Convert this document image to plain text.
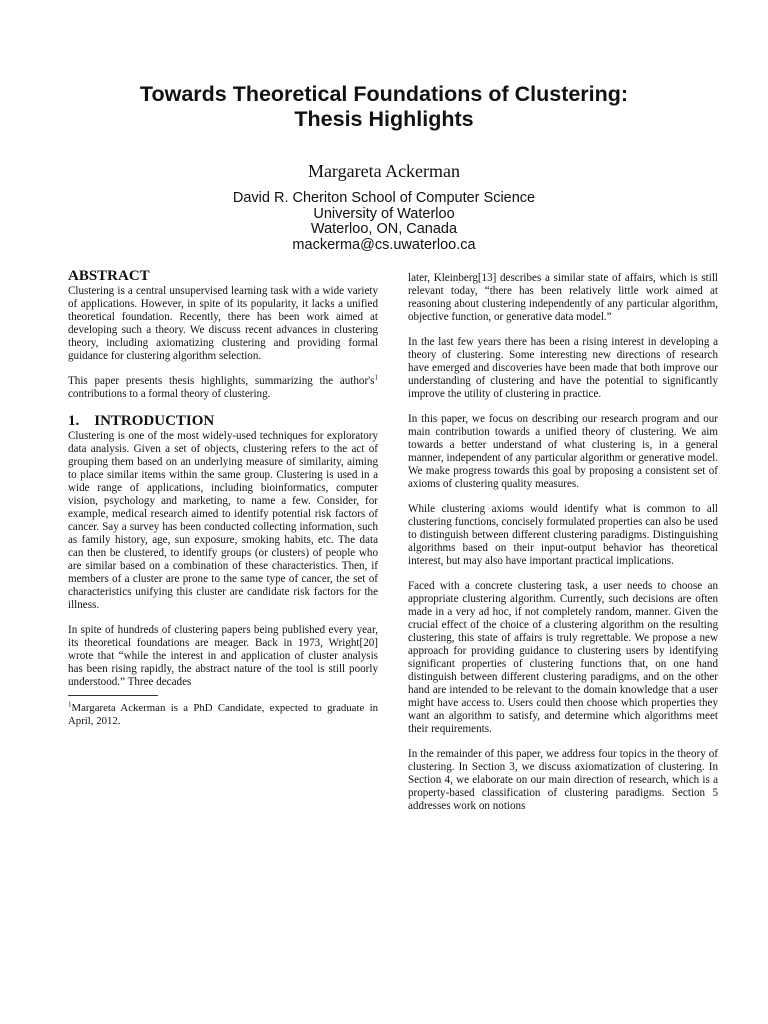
Towards Theoretical Foundations of Clustering:
Thesis Highlights
Margareta Ackerman
David R. Cheriton School of Computer Science
University of Waterloo
Waterloo, ON, Canada
mackerma@cs.uwaterloo.ca
ABSTRACT

Clustering is a central unsupervised learning task with a wide variety of applications. However, in spite of its popularity, it lacks a unified theoretical foundation. Recently, there has been work aimed at developing such a theory. We discuss recent advances in clustering theory, including axiomatizing clustering and providing formal guidance for clustering algorithm selection.

This paper presents thesis highlights, summarizing the $author's^1$ contributions to a formal theory of clustering.

1.    INTRODUCTION

Clustering is one of the most widely-used techniques for exploratory data analysis. Given a set of objects, clustering refers to the act of grouping them based on an underlying measure of similarity, aiming to place similar items within the same group. Clustering is used in a wide range of applications, including bioinformatics, computer vision, psychology and marketing, to name a few. Consider, for example, medical research aimed to identify potential risk factors of cancer. Say a survey has been conducted collecting information, such as family history, age, sun exposure, smoking habits, etc. The data can then be clustered, to identify groups (or clusters) of people who are similar based on a combination of these characteristics. Then, if members of a cluster are prone to the same type of cancer, the set of characteristics unifying this cluster are candidate risk factors for the illness.

In spite of hundreds of clustering papers being published every year, its theoretical foundations are meager. Back in 1973, Wright[20] wrote that “while the interest in and application of cluster analysis has been rising rapidly, the abstract nature of the tool is still poorly understood.” Three decades

$^1$Margareta Ackerman is a PhD Candidate, expected to graduate in April, 2012.

later, Kleinberg[13] describes a similar state of affairs, which is still relevant today, “there has been relatively little work aimed at reasoning about clustering independently of any particular algorithm, objective function, or generative data model.”

In the last few years there has been a rising interest in developing a theory of clustering. Some interesting new directions of research have emerged and discoveries have been made that both improve our understanding of clustering and have the potential to significantly improve the utility of clustering in practice.

In this paper, we focus on describing our research program and our main contribution towards a unified theory of clustering. We aim towards a better understand of what clustering is, in a general manner, independent of any particular algorithm or generative model. We make progress towards this goal by proposing a consistent set of axioms of clustering quality measures.

While clustering axioms would identify what is common to all clustering functions, concisely formulated properties can also be used to distinguish between different clustering paradigms. Distinguishing algorithms based on their input-output behavior has theoretical interest, but may also have important practical implications.

Faced with a concrete clustering task, a user needs to choose an appropriate clustering algorithm. Currently, such decisions are often made in a very ad hoc, if not completely random, manner. Given the crucial effect of the choice of a clustering algorithm on the resulting clustering, this state of affairs is truly regrettable. We propose a new approach for providing guidance to clustering users by identifying significant properties of clustering functions that, on one hand distinguish between different clustering paradigms, and on the other hand are intended to be relevant to the domain knowledge that a user might have access to. Users could then choose which properties they want an algorithm to satisfy, and determine which algorithms meet their requirements.

In the remainder of this paper, we address four topics in the theory of clustering. In Section 3, we discuss axiomatization of clustering. In Section 4, we elaborate on our main direction of research, which is a property-based classification of clustering paradigms. Section 5 addresses work on notions
